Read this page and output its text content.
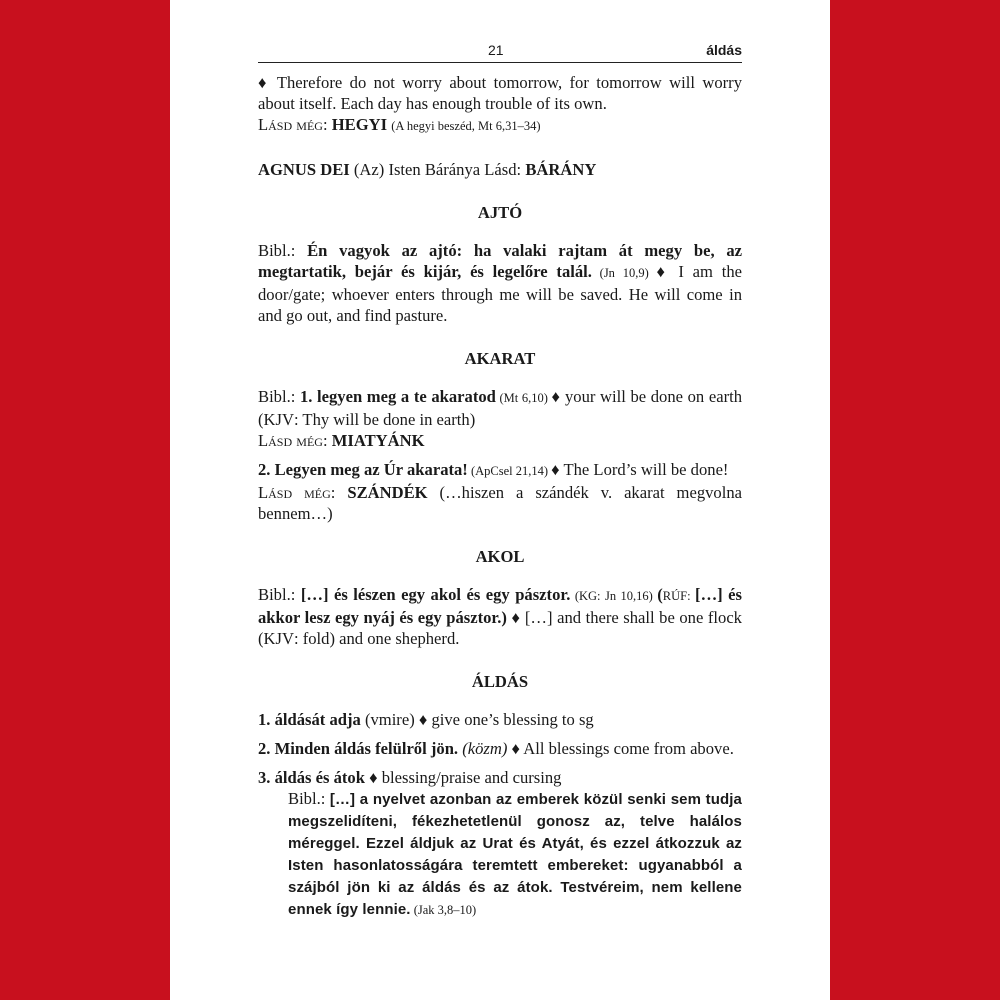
21	áldás

♦ Therefore do not worry about tomorrow, for tomorrow will worry about itself. Each day has enough trouble of its own.

Lásd még: HEGYI (A hegyi beszéd, Mt 6,31–34)

AGNUS DEI (Az) Isten Báránya Lásd: BÁRÁNY

AJTÓ

Bibl.: Én vagyok az ajtó: ha valaki rajtam át megy be, az megtartatik, bejár és kijár, és legelőre talál. (Jn 10,9) ♦ I am the door/gate; whoever enters through me will be saved. He will come in and go out, and find pasture.

AKARAT

Bibl.: 1. legyen meg a te akaratod (Mt 6,10) ♦ your will be done on earth (KJV: Thy will be done in earth)

Lásd még: MIATYÁNK

2. Legyen meg az Úr akarata! (ApCsel 21,14) ♦ The Lord’s will be done!

Lásd még: SZÁNDÉK (…hiszen a szándék v. akarat megvolna bennem…)

AKOL

Bibl.: […] és lészen egy akol és egy pásztor. (KG: Jn 10,16) (RÚF: […] és akkor lesz egy nyáj és egy pásztor.) ♦ […] and there shall be one flock (KJV: fold) and one shepherd.

ÁLDÁS

1. áldását adja (vmire) ♦ give one’s blessing to sg

2. Minden áldás felülről jön. (közm) ♦ All blessings come from above.

3. áldás és átok ♦ blessing/praise and cursing

Bibl.: […] a nyelvet azonban az emberek közül senki sem tudja megszelidíteni, fékezhetetlenül gonosz az, telve halálos méreggel. Ezzel áldjuk az Urat és Atyát, és ezzel átkozzuk az Isten hasonlatosságára teremtett embereket: ugyanabból a szájból jön ki az áldás és az átok. Testvéreim, nem kellene ennek így lennie. (Jak 3,8–10)
